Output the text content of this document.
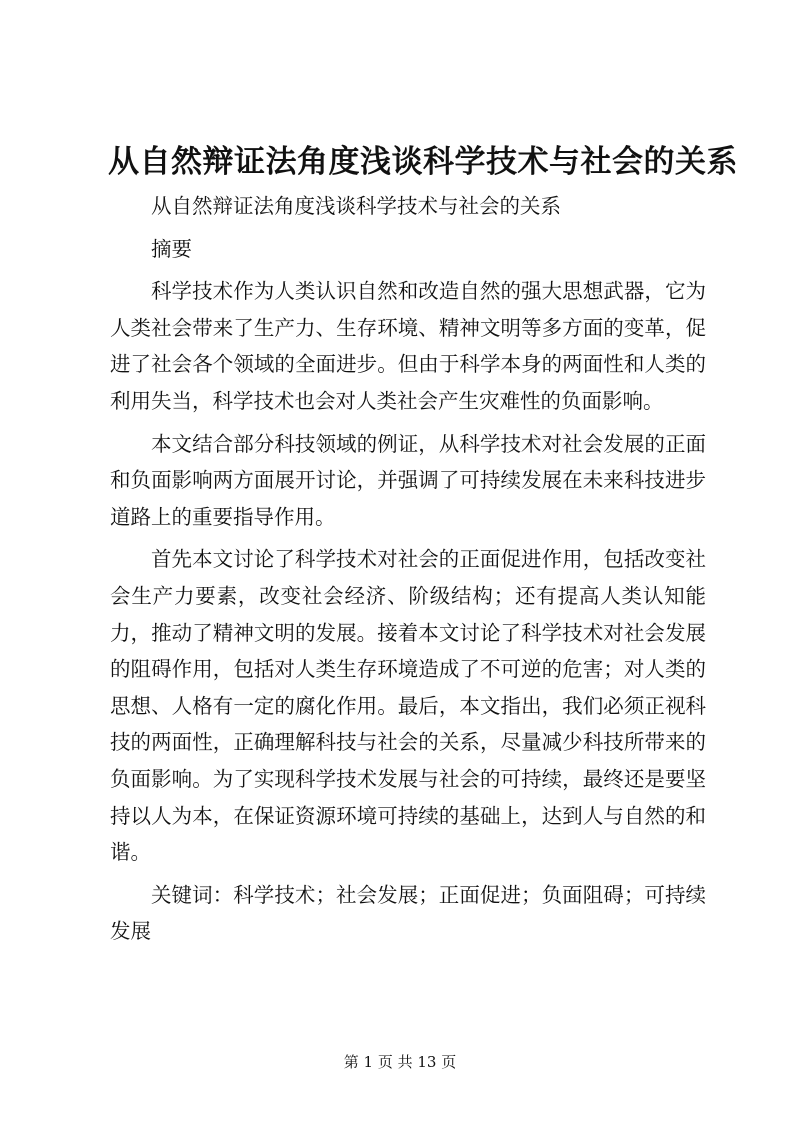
从自然辩证法角度浅谈科学技术与社会的关系

从自然辩证法角度浅谈科学技术与社会的关系

摘要

科学技术作为人类认识自然和改造自然的强大思想武器，它为人类社会带来了生产力、生存环境、精神文明等多方面的变革，促进了社会各个领域的全面进步。但由于科学本身的两面性和人类的利用失当，科学技术也会对人类社会产生灾难性的负面影响。

本文结合部分科技领域的例证，从科学技术对社会发展的正面和负面影响两方面展开讨论，并强调了可持续发展在未来科技进步道路上的重要指导作用。

首先本文讨论了科学技术对社会的正面促进作用，包括改变社会生产力要素，改变社会经济、阶级结构；还有提高人类认知能力，推动了精神文明的发展。接着本文讨论了科学技术对社会发展的阻碍作用，包括对人类生存环境造成了不可逆的危害；对人类的思想、人格有一定的腐化作用。最后，本文指出，我们必须正视科技的两面性，正确理解科技与社会的关系，尽量减少科技所带来的负面影响。为了实现科学技术发展与社会的可持续，最终还是要坚持以人为本，在保证资源环境可持续的基础上，达到人与自然的和谐。

关键词：科学技术；社会发展；正面促进；负面阻碍；可持续发展

第 1 页 共 13 页
